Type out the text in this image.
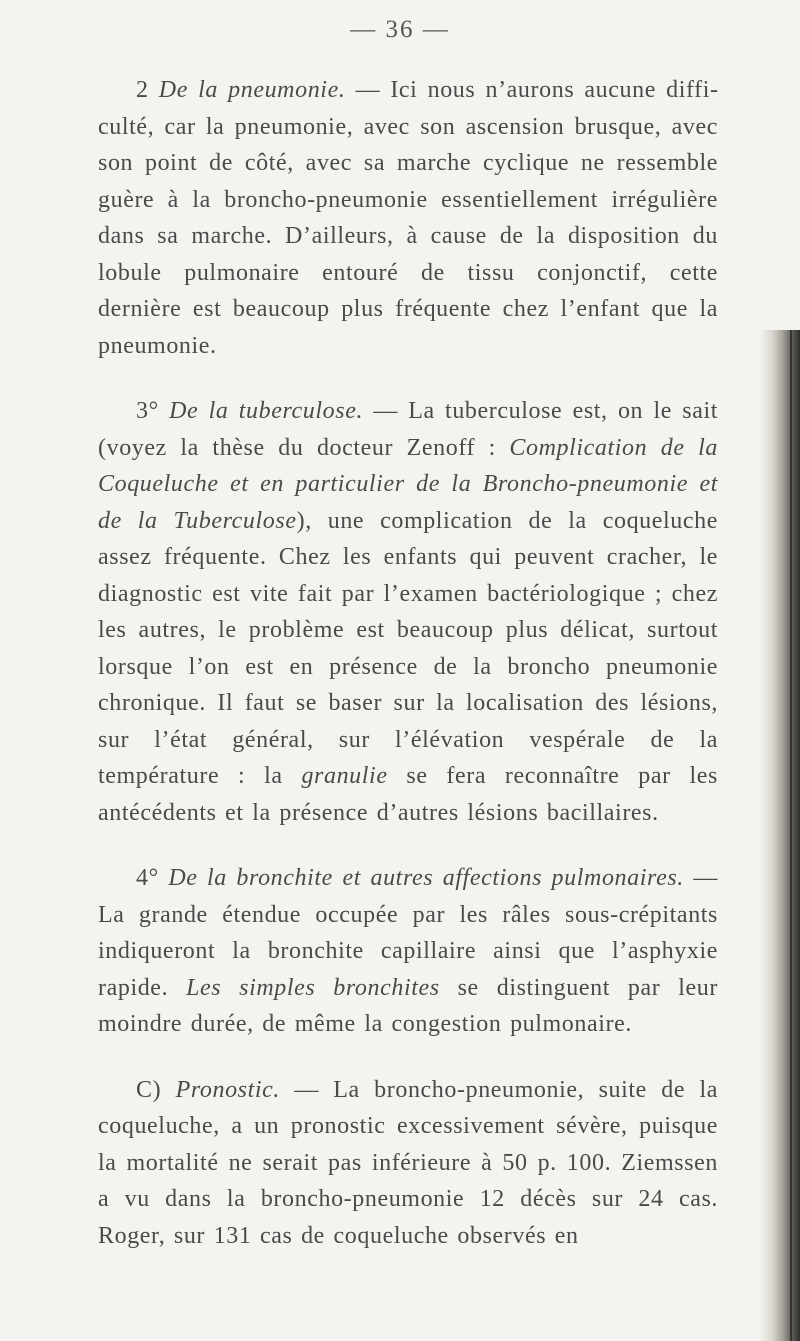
— 36 —

2 De la pneumonie. — Ici nous n’aurons aucune difficulté, car la pneumonie, avec son ascension brusque, avec son point de côté, avec sa marche cyclique ne ressemble guère à la broncho-pneumonie essentiellement irrégulière dans sa marche. D’ailleurs, à cause de la disposition du lobule pulmonaire entouré de tissu conjonctif, cette dernière est beaucoup plus fréquente chez l’enfant que la pneumonie.

3° De la tuberculose. — La tuberculose est, on le sait (voyez la thèse du docteur Zenoff : Complication de la Coqueluche et en particulier de la Broncho-pneumonie et de la Tuberculose), une complication de la coqueluche assez fréquente. Chez les enfants qui peuvent cracher, le diagnostic est vite fait par l’examen bactériologique ; chez les autres, le problème est beaucoup plus délicat, surtout lorsque l’on est en présence de la broncho pneumonie chronique. Il faut se baser sur la localisation des lésions, sur l’état général, sur l’élévation vespérale de la température : la granulie se fera reconnaître par les antécédents et la présence d’autres lésions bacillaires.

4° De la bronchite et autres affections pulmonaires. — La grande étendue occupée par les râles sous-crépitants indiqueront la bronchite capillaire ainsi que l’asphyxie rapide. Les simples bronchites se distinguent par leur moindre durée, de même la congestion pulmonaire.

C) Pronostic. — La broncho-pneumonie, suite de la coqueluche, a un pronostic excessivement sévère, puisque la mortalité ne serait pas inférieure à 50 p. 100. Ziemssen a vu dans la broncho-pneumonie 12 décès sur 24 cas. Roger, sur 131 cas de coqueluche observés en
